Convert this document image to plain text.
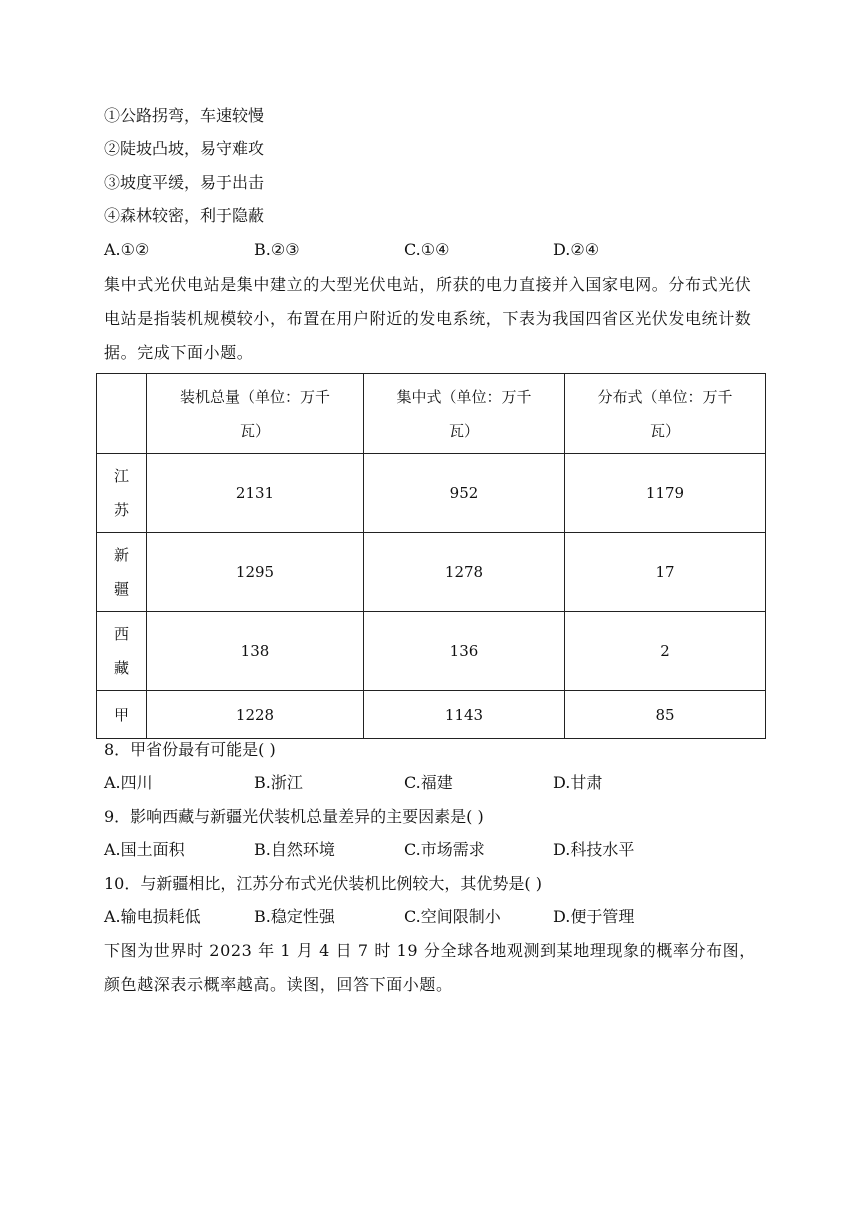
①公路拐弯，车速较慢
②陡坡凸坡，易守难攻
③坡度平缓，易于出击
④森林较密，利于隐蔽
A.①②	B.②③	C.①④	D.②④
集中式光伏电站是集中建立的大型光伏电站，所获的电力直接并入国家电网。分布式光伏电站是指装机规模较小，布置在用户附近的发电系统，下表为我国四省区光伏发电统计数据。完成下面小题。

	装机总量（单位：万千瓦）	集中式（单位：万千瓦）	分布式（单位：万千瓦）

江苏	2131	952	1179
新疆	1295	1278	17
西藏	138	136	2
甲	1228	1143	85
8．甲省份最有可能是( )
A.四川	B.浙江	C.福建	D.甘肃
9．影响西藏与新疆光伏装机总量差异的主要因素是( )
A.国土面积	B.自然环境	C.市场需求	D.科技水平
10．与新疆相比，江苏分布式光伏装机比例较大，其优势是( )
A.输电损耗低	B.稳定性强	C.空间限制小	D.便于管理
下图为世界时 2023 年 1 月 4 日 7 时 19 分全球各地观测到某地理现象的概率分布图，颜色越深表示概率越高。读图，回答下面小题。
